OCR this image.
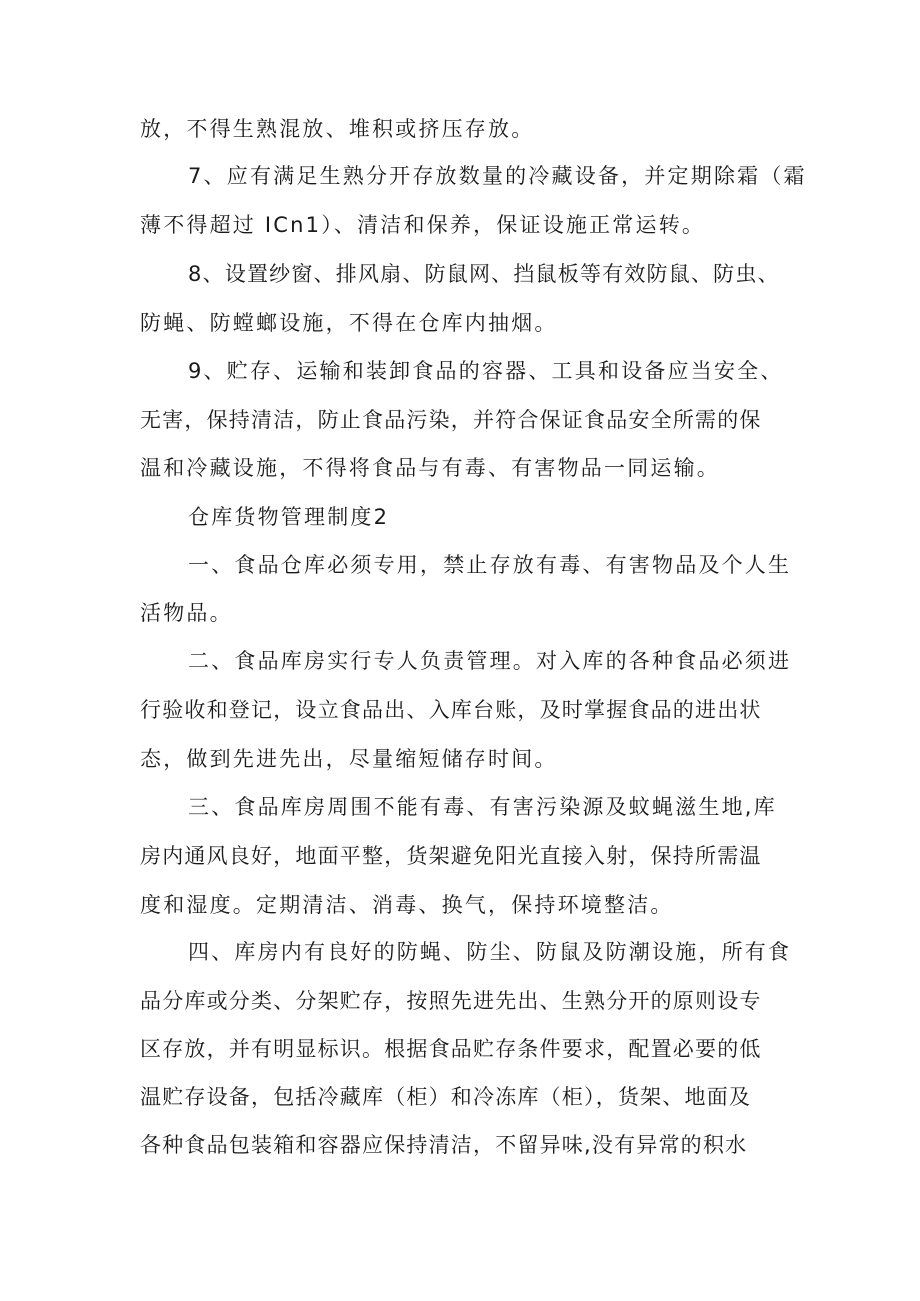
放，不得生熟混放、堆积或挤压存放。

7、应有满足生熟分开存放数量的冷藏设备，并定期除霜（霜

薄不得超过 ICn1）、清洁和保养，保证设施正常运转。

8、设置纱窗、排风扇、防鼠网、挡鼠板等有效防鼠、防虫、

防蝇、防螳螂设施，不得在仓库内抽烟。

9、贮存、运输和装卸食品的容器、工具和设备应当安全、

无害，保持清洁，防止食品污染，并符合保证食品安全所需的保

温和冷藏设施，不得将食品与有毒、有害物品一同运输。

仓库货物管理制度2

一、食品仓库必须专用，禁止存放有毒、有害物品及个人生

活物品。

二、食品库房实行专人负责管理。对入库的各种食品必须进

行验收和登记，设立食品出、入库台账，及时掌握食品的进出状

态，做到先进先出，尽量缩短储存时间。

三、食品库房周围不能有毒、有害污染源及蚊蝇滋生地,库

房内通风良好，地面平整，货架避免阳光直接入射，保持所需温

度和湿度。定期清洁、消毒、换气，保持环境整洁。

四、库房内有良好的防蝇、防尘、防鼠及防潮设施，所有食

品分库或分类、分架贮存，按照先进先出、生熟分开的原则设专

区存放，并有明显标识。根据食品贮存条件要求，配置必要的低

温贮存设备，包括冷藏库（柜）和冷冻库（柜），货架、地面及

各种食品包装箱和容器应保持清洁，不留异味,没有异常的积水
